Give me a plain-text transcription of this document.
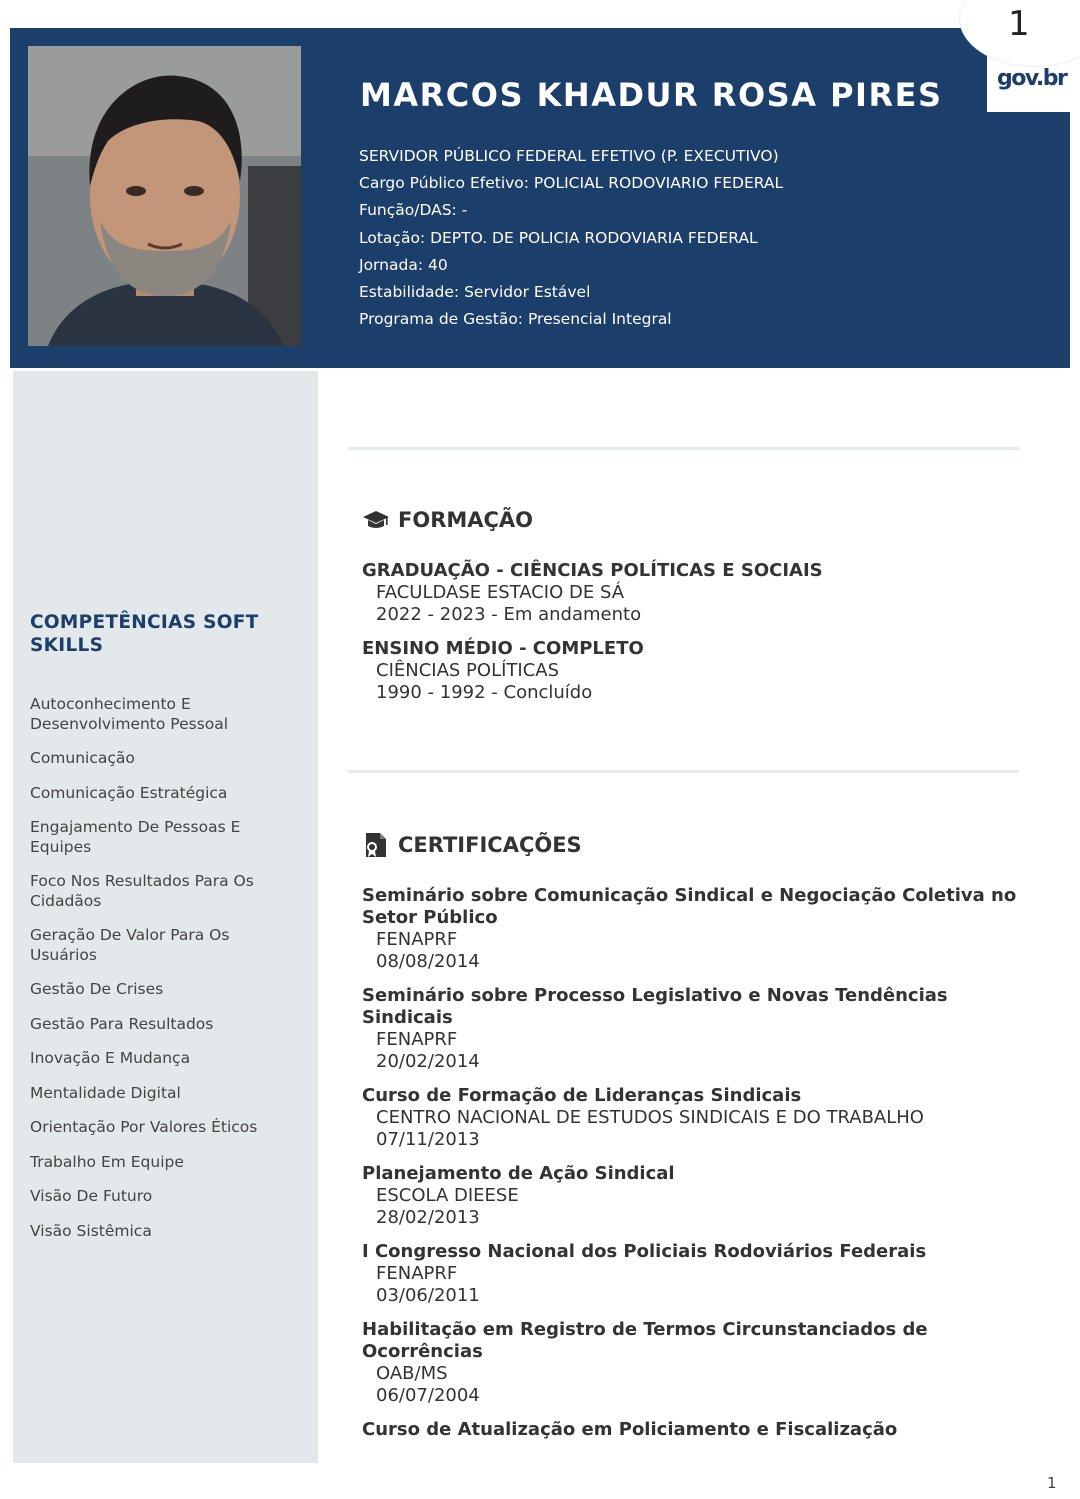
1
gov.br
MARCOS KHADUR ROSA PIRES
SERVIDOR PÚBLICO FEDERAL EFETIVO (P. EXECUTIVO)
Cargo Público Efetivo: POLICIAL RODOVIARIO FEDERAL
Função/DAS: -
Lotação: DEPTO. DE POLICIA RODOVIARIA FEDERAL
Jornada: 40
Estabilidade: Servidor Estável
Programa de Gestão: Presencial Integral
COMPETÊNCIAS SOFT SKILLS
Autoconhecimento E Desenvolvimento Pessoal
Comunicação
Comunicação Estratégica
Engajamento De Pessoas E Equipes
Foco Nos Resultados Para Os Cidadãos
Geração De Valor Para Os Usuários
Gestão De Crises
Gestão Para Resultados
Inovação E Mudança
Mentalidade Digital
Orientação Por Valores Éticos
Trabalho Em Equipe
Visão De Futuro
Visão Sistêmica
FORMAÇÃO
GRADUAÇÃO - CIÊNCIAS POLÍTICAS E SOCIAIS
FACULDASE ESTACIO DE SÁ
2022 - 2023 - Em andamento
ENSINO MÉDIO - COMPLETO
CIÊNCIAS POLÍTICAS
1990 - 1992 - Concluído
CERTIFICAÇÕES
Seminário sobre Comunicação Sindical e Negociação Coletiva no Setor Público
FENAPRF
08/08/2014
Seminário sobre Processo Legislativo e Novas Tendências Sindicais
FENAPRF
20/02/2014
Curso de Formação de Lideranças Sindicais
CENTRO NACIONAL DE ESTUDOS SINDICAIS E DO TRABALHO
07/11/2013
Planejamento de Ação Sindical
ESCOLA DIEESE
28/02/2013
I Congresso Nacional dos Policiais Rodoviários Federais
FENAPRF
03/06/2011
Habilitação em Registro de Termos Circunstanciados de Ocorrências
OAB/MS
06/07/2004
Curso de Atualização em Policiamento e Fiscalização
1
